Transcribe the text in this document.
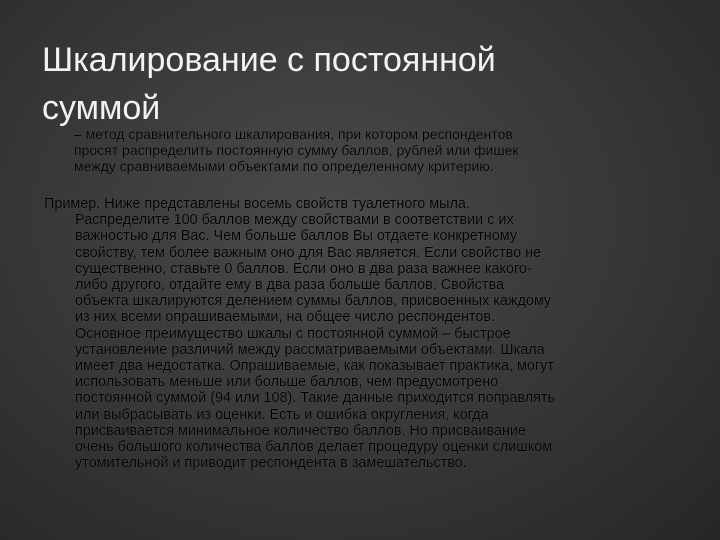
Шкалирование с постоянной
суммой
– метод сравнительного шкалирования, при котором респондентов
просят распределить постоянную сумму баллов, рублей или фишек
между сравниваемыми объектами по определенному критерию.
Пример. Ниже представлены восемь свойств туалетного мыла.
Распределите 100 баллов между свойствами в соответствии с их
важностью для Вас. Чем больше баллов Вы отдаете конкретному
свойству, тем более важным оно для Вас является. Если свойство не
существенно, ставьте 0 баллов. Если оно в два раза важнее какого-
либо другого, отдайте ему в два раза больше баллов. Свойства
объекта шкалируются делением суммы баллов, присвоенных каждому
из них всеми опрашиваемыми, на общее число респондентов.
Основное преимущество шкалы с постоянной суммой – быстрое
установление различий между рассматриваемыми объектами. Шкала
имеет два недостатка. Опрашиваемые, как показывает практика, могут
использовать меньше или больше баллов, чем предусмотрено
постоянной суммой (94 или 108). Такие данные приходится поправлять
или выбрасывать из оценки. Есть и ошибка округления, когда
присваивается минимальное количество баллов. Но присваивание
очень большого количества баллов делает процедуру оценки слишком
утомительной и приводит респондента в замешательство.
